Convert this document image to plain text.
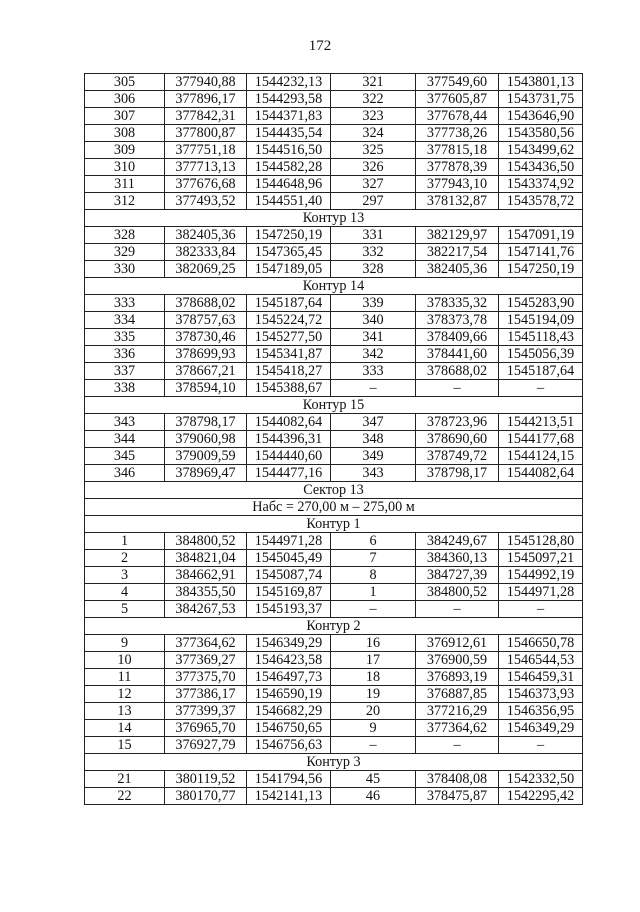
172
305	377940,88	1544232,13	321	377549,60	1543801,13
306	377896,17	1544293,58	322	377605,87	1543731,75
307	377842,31	1544371,83	323	377678,44	1543646,90
308	377800,87	1544435,54	324	377738,26	1543580,56
309	377751,18	1544516,50	325	377815,18	1543499,62
310	377713,13	1544582,28	326	377878,39	1543436,50
311	377676,68	1544648,96	327	377943,10	1543374,92
312	377493,52	1544551,40	297	378132,87	1543578,72
Контур 13					
328	382405,36	1547250,19	331	382129,97	1547091,19
329	382333,84	1547365,45	332	382217,54	1547141,76
330	382069,25	1547189,05	328	382405,36	1547250,19
Контур 14					
333	378688,02	1545187,64	339	378335,32	1545283,90
334	378757,63	1545224,72	340	378373,78	1545194,09
335	378730,46	1545277,50	341	378409,66	1545118,43
336	378699,93	1545341,87	342	378441,60	1545056,39
337	378667,21	1545418,27	333	378688,02	1545187,64
338	378594,10	1545388,67	–	–	–
Контур 15					
343	378798,17	1544082,64	347	378723,96	1544213,51
344	379060,98	1544396,31	348	378690,60	1544177,68
345	379009,59	1544440,60	349	378749,72	1544124,15
346	378969,47	1544477,16	343	378798,17	1544082,64
Сектор 13					
Набс = 270,00 м – 275,00 м					
Контур 1					
1	384800,52	1544971,28	6	384249,67	1545128,80
2	384821,04	1545045,49	7	384360,13	1545097,21
3	384662,91	1545087,74	8	384727,39	1544992,19
4	384355,50	1545169,87	1	384800,52	1544971,28
5	384267,53	1545193,37	–	–	–
Контур 2					
9	377364,62	1546349,29	16	376912,61	1546650,78
10	377369,27	1546423,58	17	376900,59	1546544,53
11	377375,70	1546497,73	18	376893,19	1546459,31
12	377386,17	1546590,19	19	376887,85	1546373,93
13	377399,37	1546682,29	20	377216,29	1546356,95
14	376965,70	1546750,65	9	377364,62	1546349,29
15	376927,79	1546756,63	–	–	–
Контур 3					
21	380119,52	1541794,56	45	378408,08	1542332,50
22	380170,77	1542141,13	46	378475,87	1542295,42
